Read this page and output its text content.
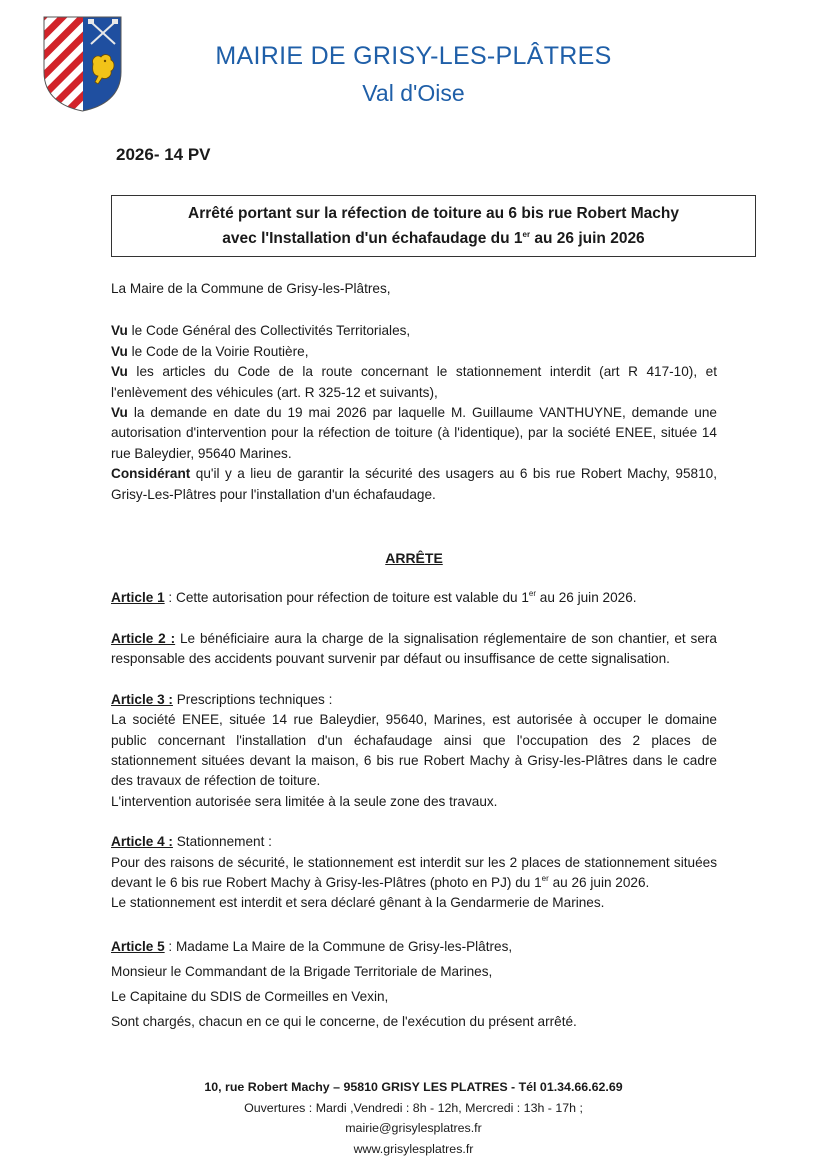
MAIRIE DE GRISY-LES-PLÂTRES
Val d'Oise
2026- 14 PV
Arrêté portant sur la réfection de toiture au 6 bis rue Robert Machy
avec l'Installation d'un échafaudage du 1er au 26 juin 2026

La Maire de la Commune de Grisy-les-Plâtres,

Vu le Code Général des Collectivités Territoriales,

Vu le Code de la Voirie Routière,

Vu les articles du Code de la route concernant le stationnement interdit (art R 417-10), et l'enlèvement des véhicules (art. R 325-12 et suivants),

Vu la demande en date du 19 mai 2026 par laquelle M. Guillaume VANTHUYNE, demande une autorisation d'intervention pour la réfection de toiture (à l'identique), par la société ENEE, située 14 rue Baleydier, 95640 Marines.

Considérant qu'il y a lieu de garantir la sécurité des usagers au 6 bis rue Robert Machy, 95810, Grisy-Les-Plâtres pour l'installation d'un échafaudage.

ARRÊTE

Article 1 : Cette autorisation pour réfection de toiture est valable du 1er au 26 juin 2026.

Article 2 : Le bénéficiaire aura la charge de la signalisation réglementaire de son chantier, et sera responsable des accidents pouvant survenir par défaut ou insuffisance de cette signalisation.

Article 3 : Prescriptions techniques :

La société ENEE, située 14 rue Baleydier, 95640, Marines, est autorisée à occuper le domaine public concernant l'installation d'un échafaudage ainsi que l'occupation des 2 places de stationnement situées devant la maison, 6 bis rue Robert Machy à Grisy-les-Plâtres dans le cadre des travaux de réfection de toiture.

L'intervention autorisée sera limitée à la seule zone des travaux.

Article 4 : Stationnement :

Pour des raisons de sécurité, le stationnement est interdit sur les 2 places de stationnement situées devant le 6 bis rue Robert Machy à Grisy-les-Plâtres (photo en PJ) du 1er au 26 juin 2026.

Le stationnement est interdit et sera déclaré gênant à la Gendarmerie de Marines.

Article 5 : Madame La Maire de la Commune de Grisy-les-Plâtres,

Monsieur le Commandant de la Brigade Territoriale de Marines,

Le Capitaine du SDIS de Cormeilles en Vexin,

Sont chargés, chacun en ce qui le concerne, de l'exécution du présent arrêté.

10, rue Robert Machy – 95810 GRISY LES PLATRES - Tél 01.34.66.62.69
Ouvertures : Mardi ,Vendredi : 8h - 12h, Mercredi : 13h - 17h ;
mairie@grisylesplatres.fr
www.grisylesplatres.fr
